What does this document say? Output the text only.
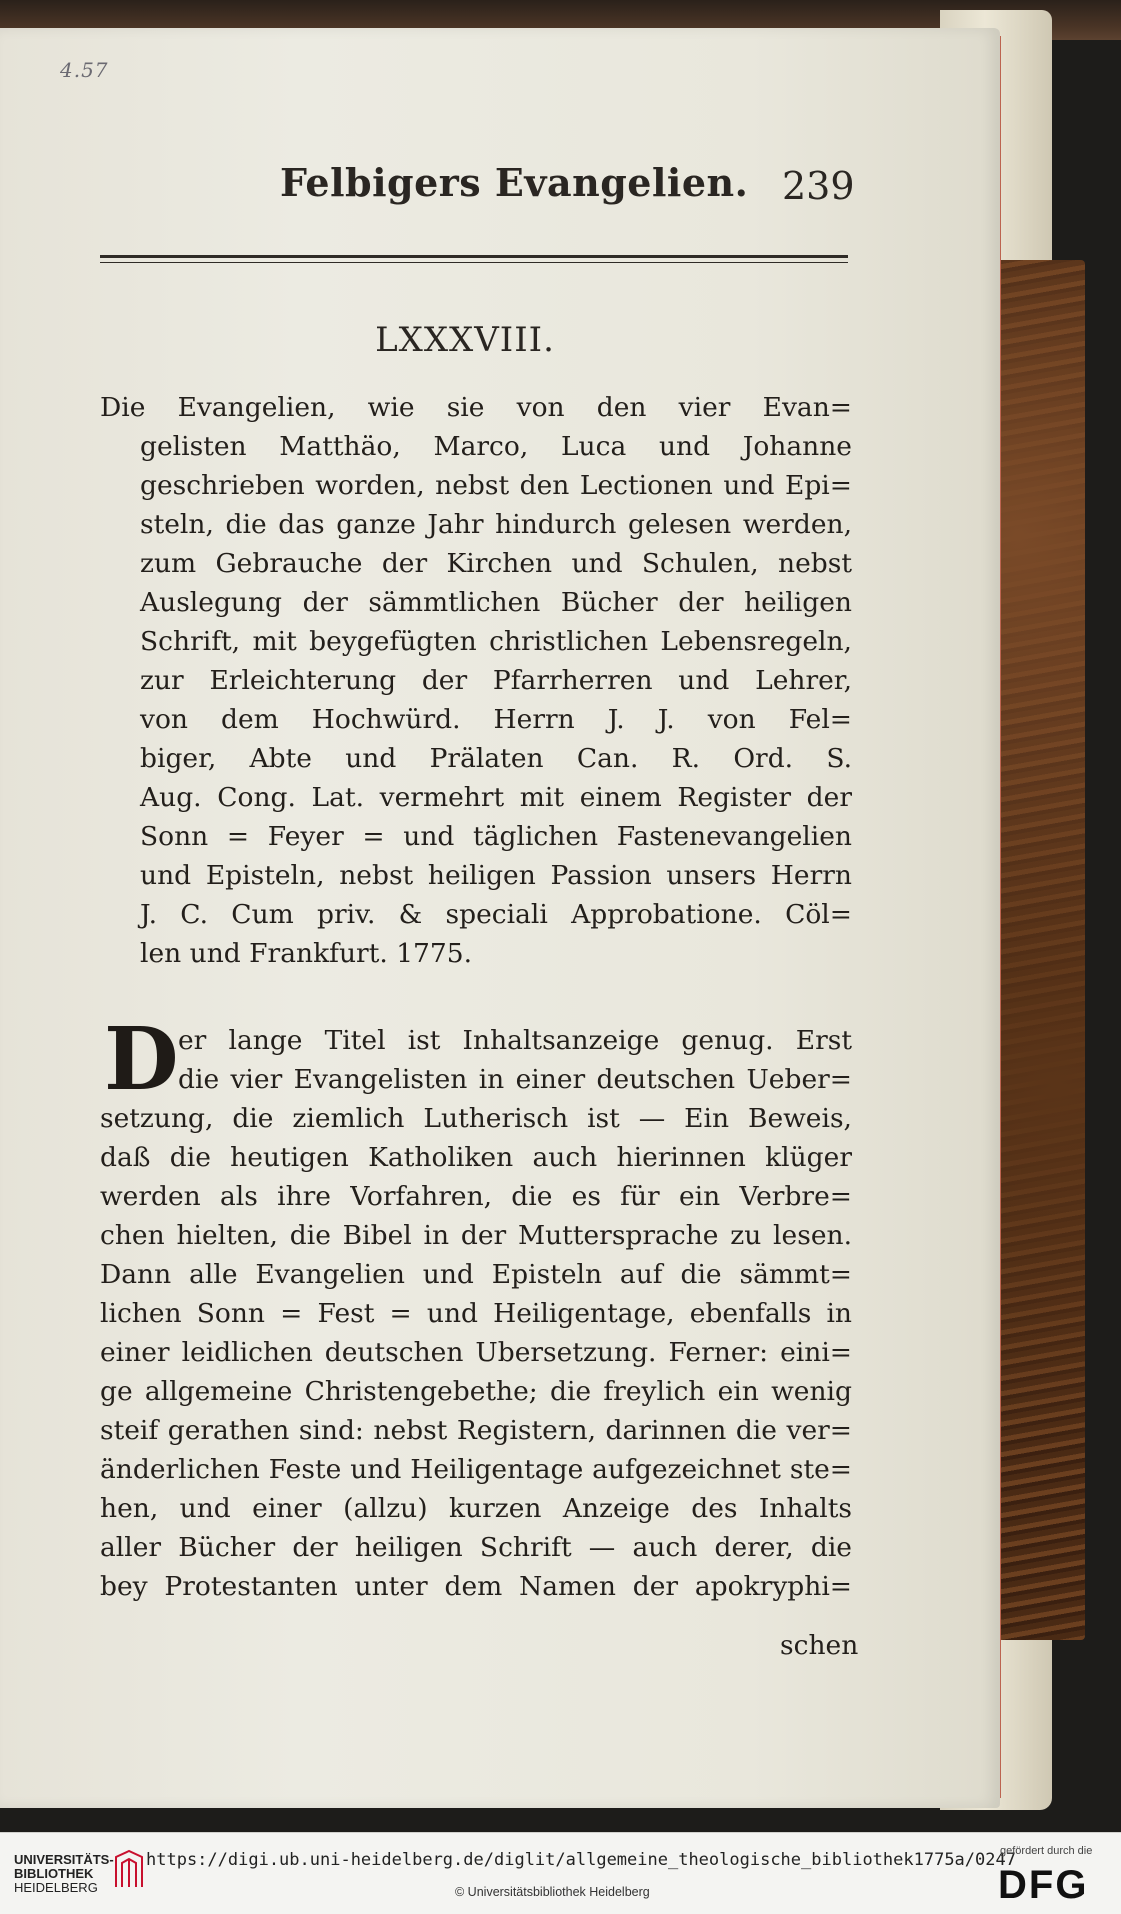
4.57
Felbigers Evangelien. 239
LXXXVIII.
Die Evangelien, wie sie von den vier Evan=
gelisten Matthäo, Marco, Luca und Johanne
geschrieben worden, nebst den Lectionen und Epi=
steln, die das ganze Jahr hindurch gelesen werden,
zum Gebrauche der Kirchen und Schulen, nebst
Auslegung der sämmtlichen Bücher der heiligen
Schrift, mit beygefügten christlichen Lebensregeln,
zur Erleichterung der Pfarrherren und Lehrer,
von dem Hochwürd. Herrn J. J. von Fel=
biger, Abte und Prälaten Can. R. Ord. S.
Aug. Cong. Lat. vermehrt mit einem Register der
Sonn = Feyer = und täglichen Fastenevangelien
und Episteln, nebst heiligen Passion unsers Herrn
J. C. Cum priv. & speciali Approbatione. Cöl=
len und Frankfurt. 1775.
D er lange Titel ist Inhaltsanzeige genug. Erst
die vier Evangelisten in einer deutschen Ueber=
setzung, die ziemlich Lutherisch ist — Ein Beweis,
daß die heutigen Katholiken auch hierinnen klüger
werden als ihre Vorfahren, die es für ein Verbre=
chen hielten, die Bibel in der Muttersprache zu lesen.
Dann alle Evangelien und Episteln auf die sämmt=
lichen Sonn = Fest = und Heiligentage, ebenfalls in
einer leidlichen deutschen Ubersetzung. Ferner: eini=
ge allgemeine Christengebethe; die freylich ein wenig
steif gerathen sind: nebst Registern, darinnen die ver=
änderlichen Feste und Heiligentage aufgezeichnet ste=
hen, und einer (allzu) kurzen Anzeige des Inhalts
aller Bücher der heiligen Schrift — auch derer, die
bey Protestanten unter dem Namen der apokryphi=
schen
UNIVERSITÄTS-
BIBLIOTHEK
HEIDELBERG
https://digi.ub.uni-heidelberg.de/diglit/allgemeine_theologische_bibliothek1775a/0247
© Universitätsbibliothek Heidelberg
gefördert durch die
DFG
